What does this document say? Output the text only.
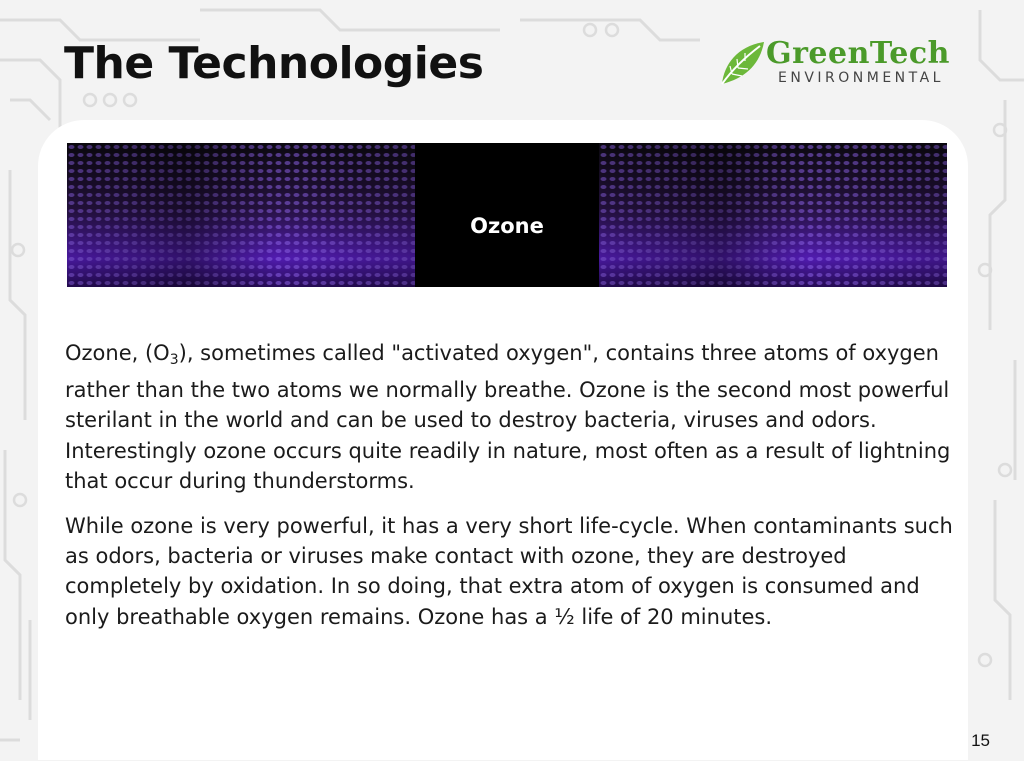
The Technologies	GreenTech
ENVIRONMENTAL
Ozone

Ozone, $(O_3)$, sometimes called "activated oxygen", contains three atoms of oxygen rather than the two atoms we normally breathe. Ozone is the second most powerful sterilant in the world and can be used to destroy bacteria, viruses and odors. Interestingly ozone occurs quite readily in nature, most often as a result of lightning that occur during thunderstorms.

While ozone is very powerful, it has a very short life-cycle. When contaminants such as odors, bacteria or viruses make contact with ozone, they are destroyed completely by oxidation. In so doing, that extra atom of oxygen is consumed and only breathable oxygen remains. Ozone has a ½ life of 20 minutes.

15
